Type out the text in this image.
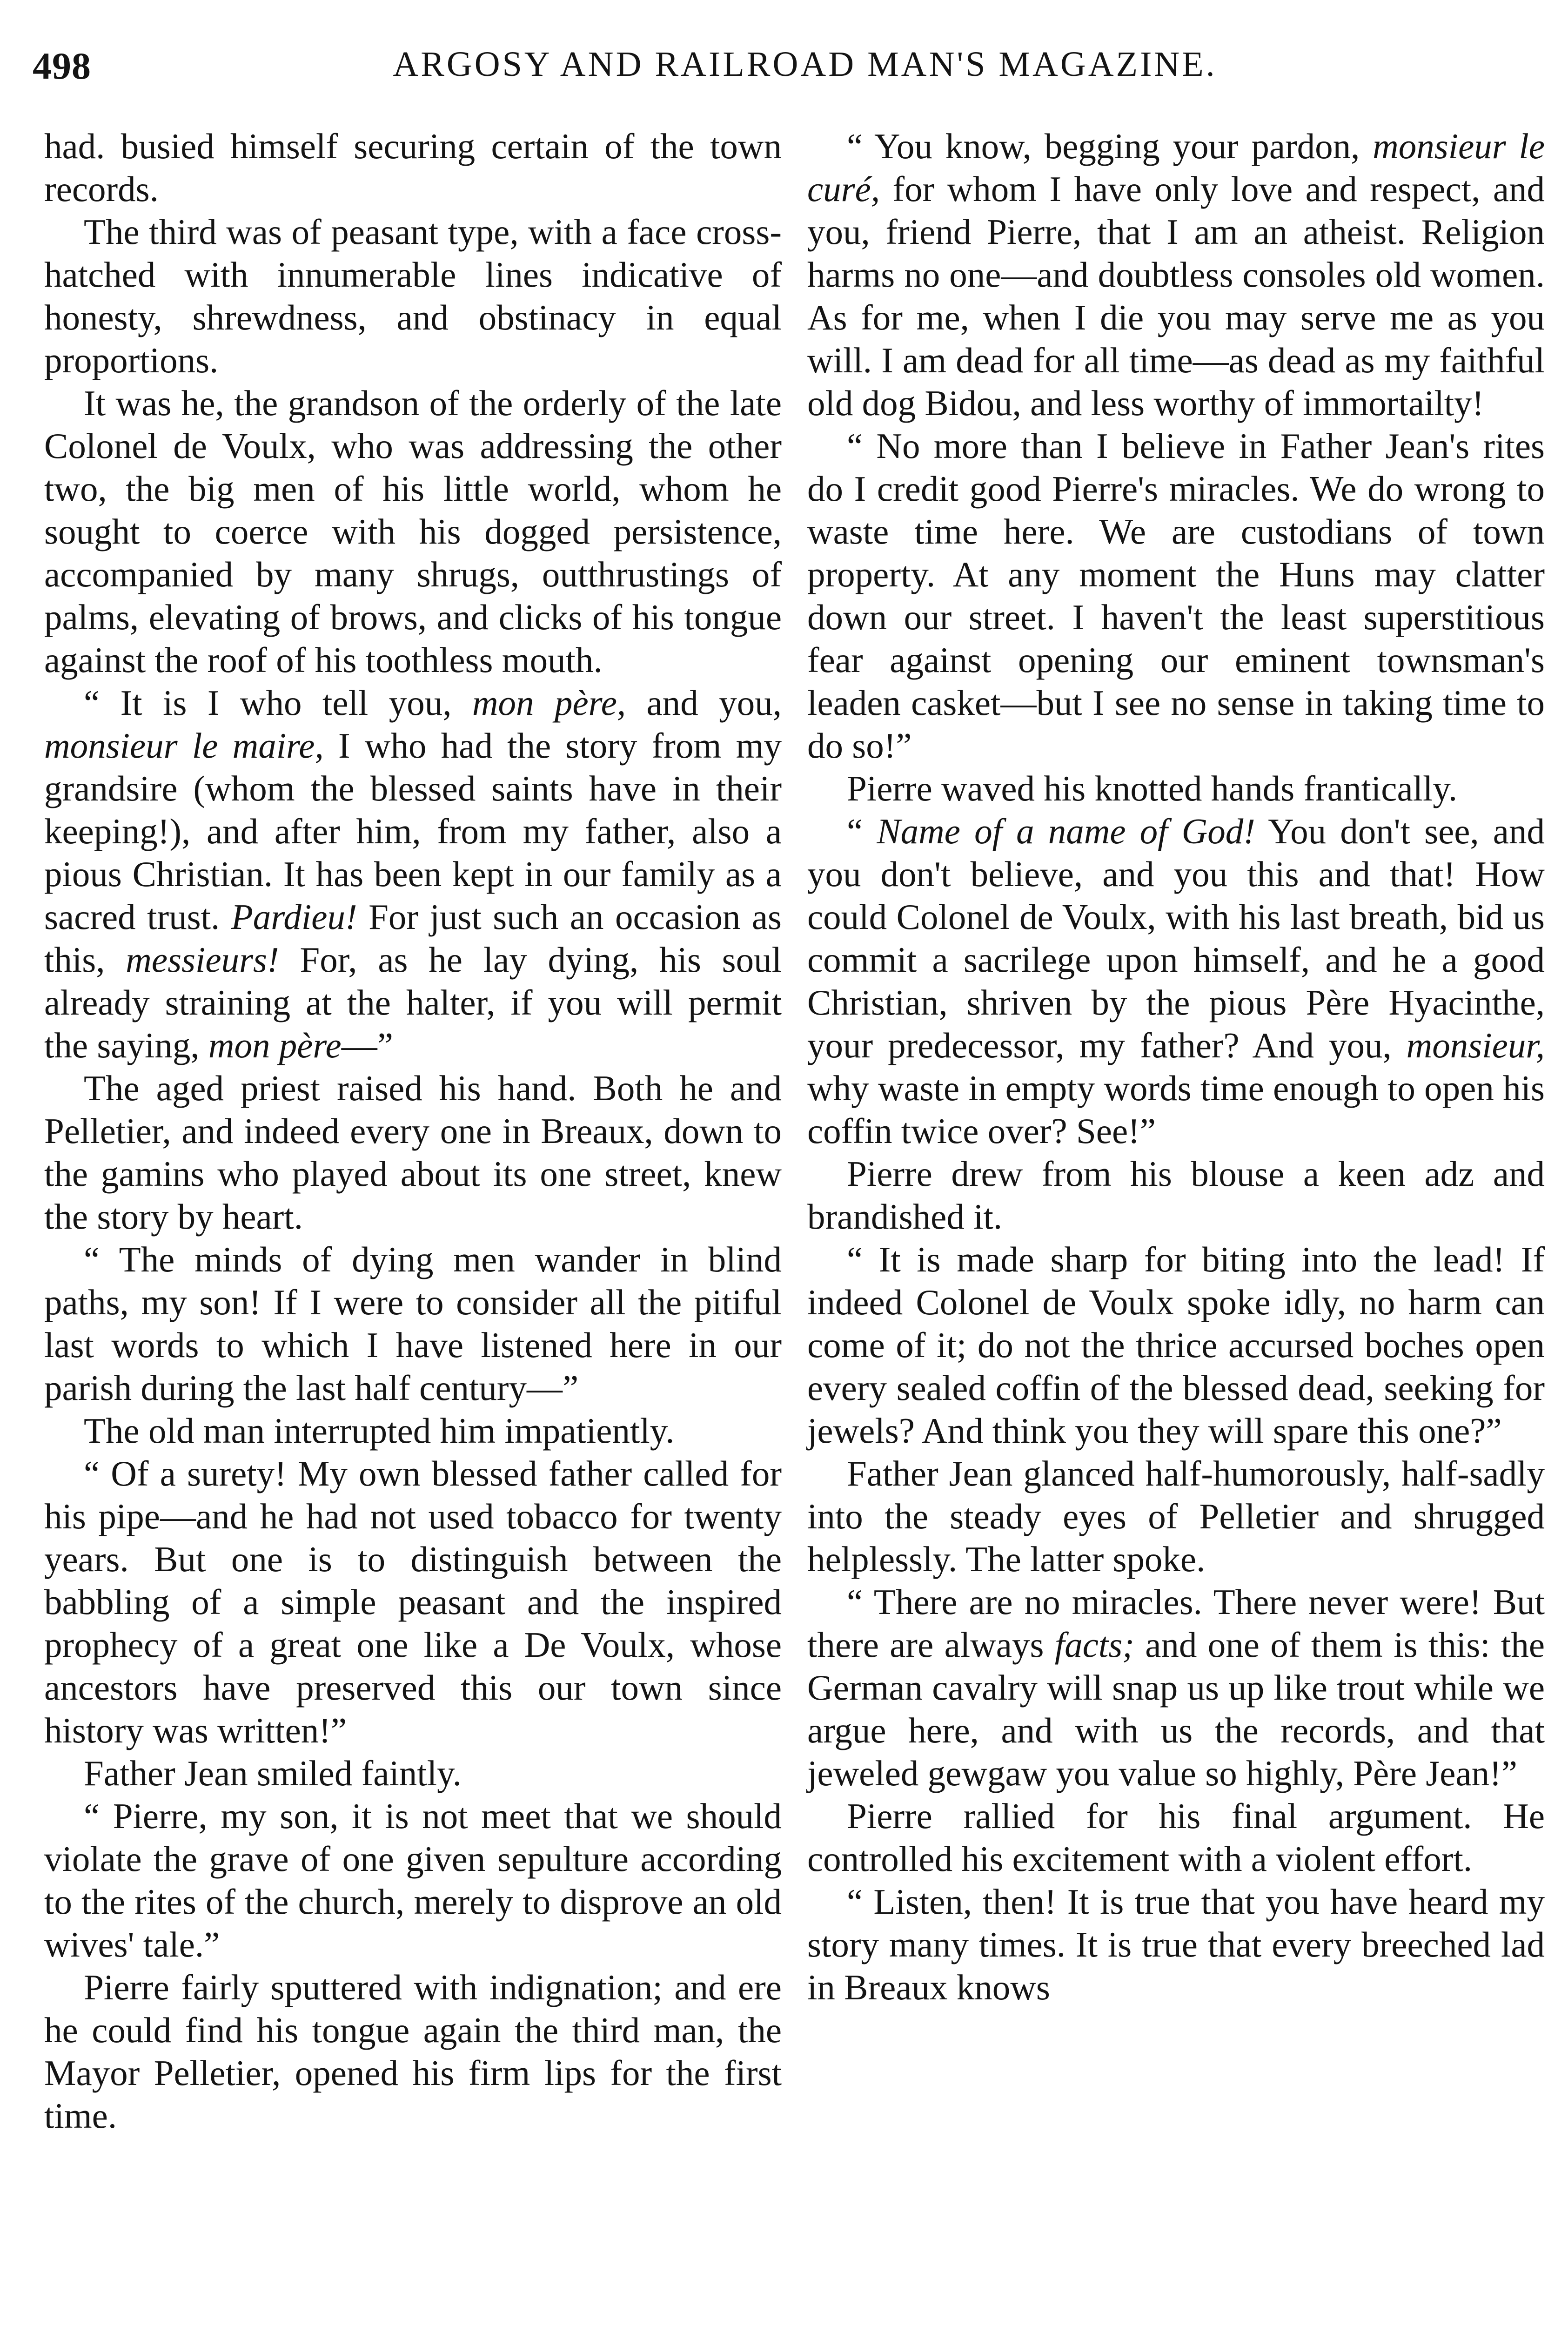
498	ARGOSY AND RAILROAD MAN'S MAGAZINE.

had. busied himself securing certain of the town records.

The third was of peasant type, with a face cross-hatched with innumerable lines indicative of honesty, shrewdness, and obstinacy in equal proportions.

It was he, the grandson of the orderly of the late Colonel de Voulx, who was addressing the other two, the big men of his little world, whom he sought to coerce with his dogged persistence, accompanied by many shrugs, outthrustings of palms, elevating of brows, and clicks of his tongue against the roof of his toothless mouth.

“ It is I who tell you, mon père, and you, monsieur le maire, I who had the story from my grandsire (whom the blessed saints have in their keeping!), and after him, from my father, also a pious Christian. It has been kept in our family as a sacred trust. Pardieu! For just such an occasion as this, messieurs! For, as he lay dying, his soul already straining at the halter, if you will permit the saying, mon père—”

The aged priest raised his hand. Both he and Pelletier, and indeed every one in Breaux, down to the gamins who played about its one street, knew the story by heart.

“ The minds of dying men wander in blind paths, my son! If I were to consider all the pitiful last words to which I have listened here in our parish during the last half century—”

The old man interrupted him impatiently.

“ Of a surety! My own blessed father called for his pipe—and he had not used tobacco for twenty years. But one is to distinguish between the babbling of a simple peasant and the inspired prophecy of a great one like a De Voulx, whose ancestors have preserved this our town since history was written!”

Father Jean smiled faintly.

“ Pierre, my son, it is not meet that we should violate the grave of one given sepulture according to the rites of the church, merely to disprove an old wives' tale.”

Pierre fairly sputtered with indignation; and ere he could find his tongue again the third man, the Mayor Pelletier, opened his firm lips for the first time.

“ You know, begging your pardon, monsieur le curé, for whom I have only love and respect, and you, friend Pierre, that I am an atheist. Religion harms no one—and doubtless consoles old women. As for me, when I die you may serve me as you will. I am dead for all time—as dead as my faithful old dog Bidou, and less worthy of immortailty!

“ No more than I believe in Father Jean's rites do I credit good Pierre's miracles. We do wrong to waste time here. We are custodians of town property. At any moment the Huns may clatter down our street. I haven't the least superstitious fear against opening our eminent townsman's leaden casket—but I see no sense in taking time to do so!”

Pierre waved his knotted hands frantically.

“ Name of a name of God! You don't see, and you don't believe, and you this and that! How could Colonel de Voulx, with his last breath, bid us commit a sacrilege upon himself, and he a good Christian, shriven by the pious Père Hyacinthe, your predecessor, my father? And you, monsieur, why waste in empty words time enough to open his coffin twice over? See!”

Pierre drew from his blouse a keen adz and brandished it.

“ It is made sharp for biting into the lead! If indeed Colonel de Voulx spoke idly, no harm can come of it; do not the thrice accursed boches open every sealed coffin of the blessed dead, seeking for jewels? And think you they will spare this one?”

Father Jean glanced half-humorously, half-sadly into the steady eyes of Pelletier and shrugged helplessly. The latter spoke.

“ There are no miracles. There never were! But there are always facts; and one of them is this: the German cavalry will snap us up like trout while we argue here, and with us the records, and that jeweled gewgaw you value so highly, Père Jean!”

Pierre rallied for his final argument. He controlled his excitement with a violent effort.

“ Listen, then! It is true that you have heard my story many times. It is true that every breeched lad in Breaux knows
